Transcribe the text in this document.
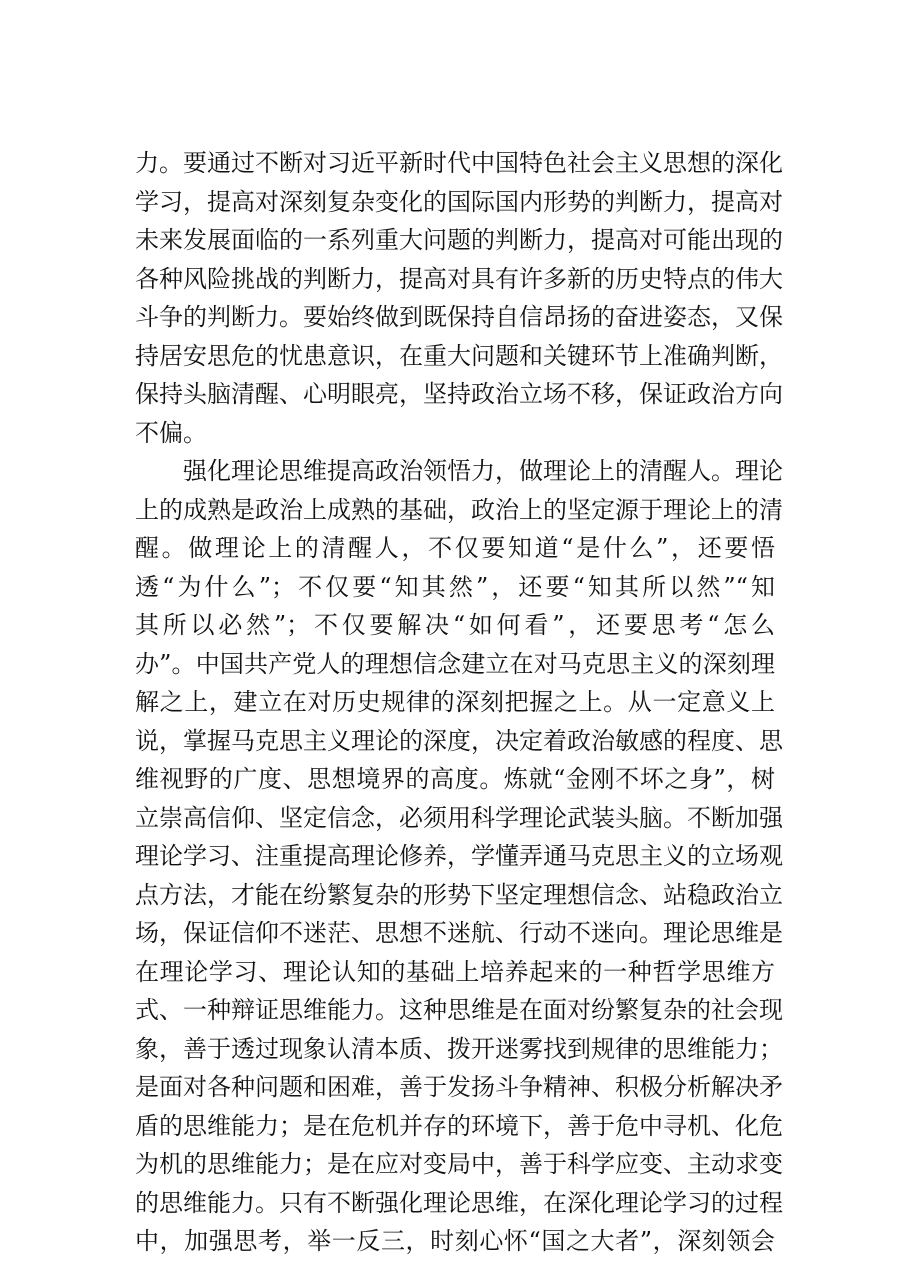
力。要通过不断对习近平新时代中国特色社会主义思想的深化
学习，提高对深刻复杂变化的国际国内形势的判断力，提高对
未来发展面临的一系列重大问题的判断力，提高对可能出现的
各种风险挑战的判断力，提高对具有许多新的历史特点的伟大
斗争的判断力。要始终做到既保持自信昂扬的奋进姿态，又保
持居安思危的忧患意识，在重大问题和关键环节上准确判断，
保持头脑清醒、心明眼亮，坚持政治立场不移，保证政治方向
不偏。
强化理论思维提高政治领悟力，做理论上的清醒人。理论
上的成熟是政治上成熟的基础，政治上的坚定源于理论上的清
醒。做理论上的清醒人，不仅要知道“是什么”，还要悟
透“为什么”；不仅要“知其然”，还要“知其所以然”“知
其所以必然”；不仅要解决“如何看”，还要思考“怎么
办”。中国共产党人的理想信念建立在对马克思主义的深刻理
解之上，建立在对历史规律的深刻把握之上。从一定意义上
说，掌握马克思主义理论的深度，决定着政治敏感的程度、思
维视野的广度、思想境界的高度。炼就“金刚不坏之身”，树
立崇高信仰、坚定信念，必须用科学理论武装头脑。不断加强
理论学习、注重提高理论修养，学懂弄通马克思主义的立场观
点方法，才能在纷繁复杂的形势下坚定理想信念、站稳政治立
场，保证信仰不迷茫、思想不迷航、行动不迷向。理论思维是
在理论学习、理论认知的基础上培养起来的一种哲学思维方
式、一种辩证思维能力。这种思维是在面对纷繁复杂的社会现
象，善于透过现象认清本质、拨开迷雾找到规律的思维能力；
是面对各种问题和困难，善于发扬斗争精神、积极分析解决矛
盾的思维能力；是在危机并存的环境下，善于危中寻机、化危
为机的思维能力；是在应对变局中，善于科学应变、主动求变
的思维能力。只有不断强化理论思维，在深化理论学习的过程
中，加强思考，举一反三，时刻心怀“国之大者”，深刻领会
